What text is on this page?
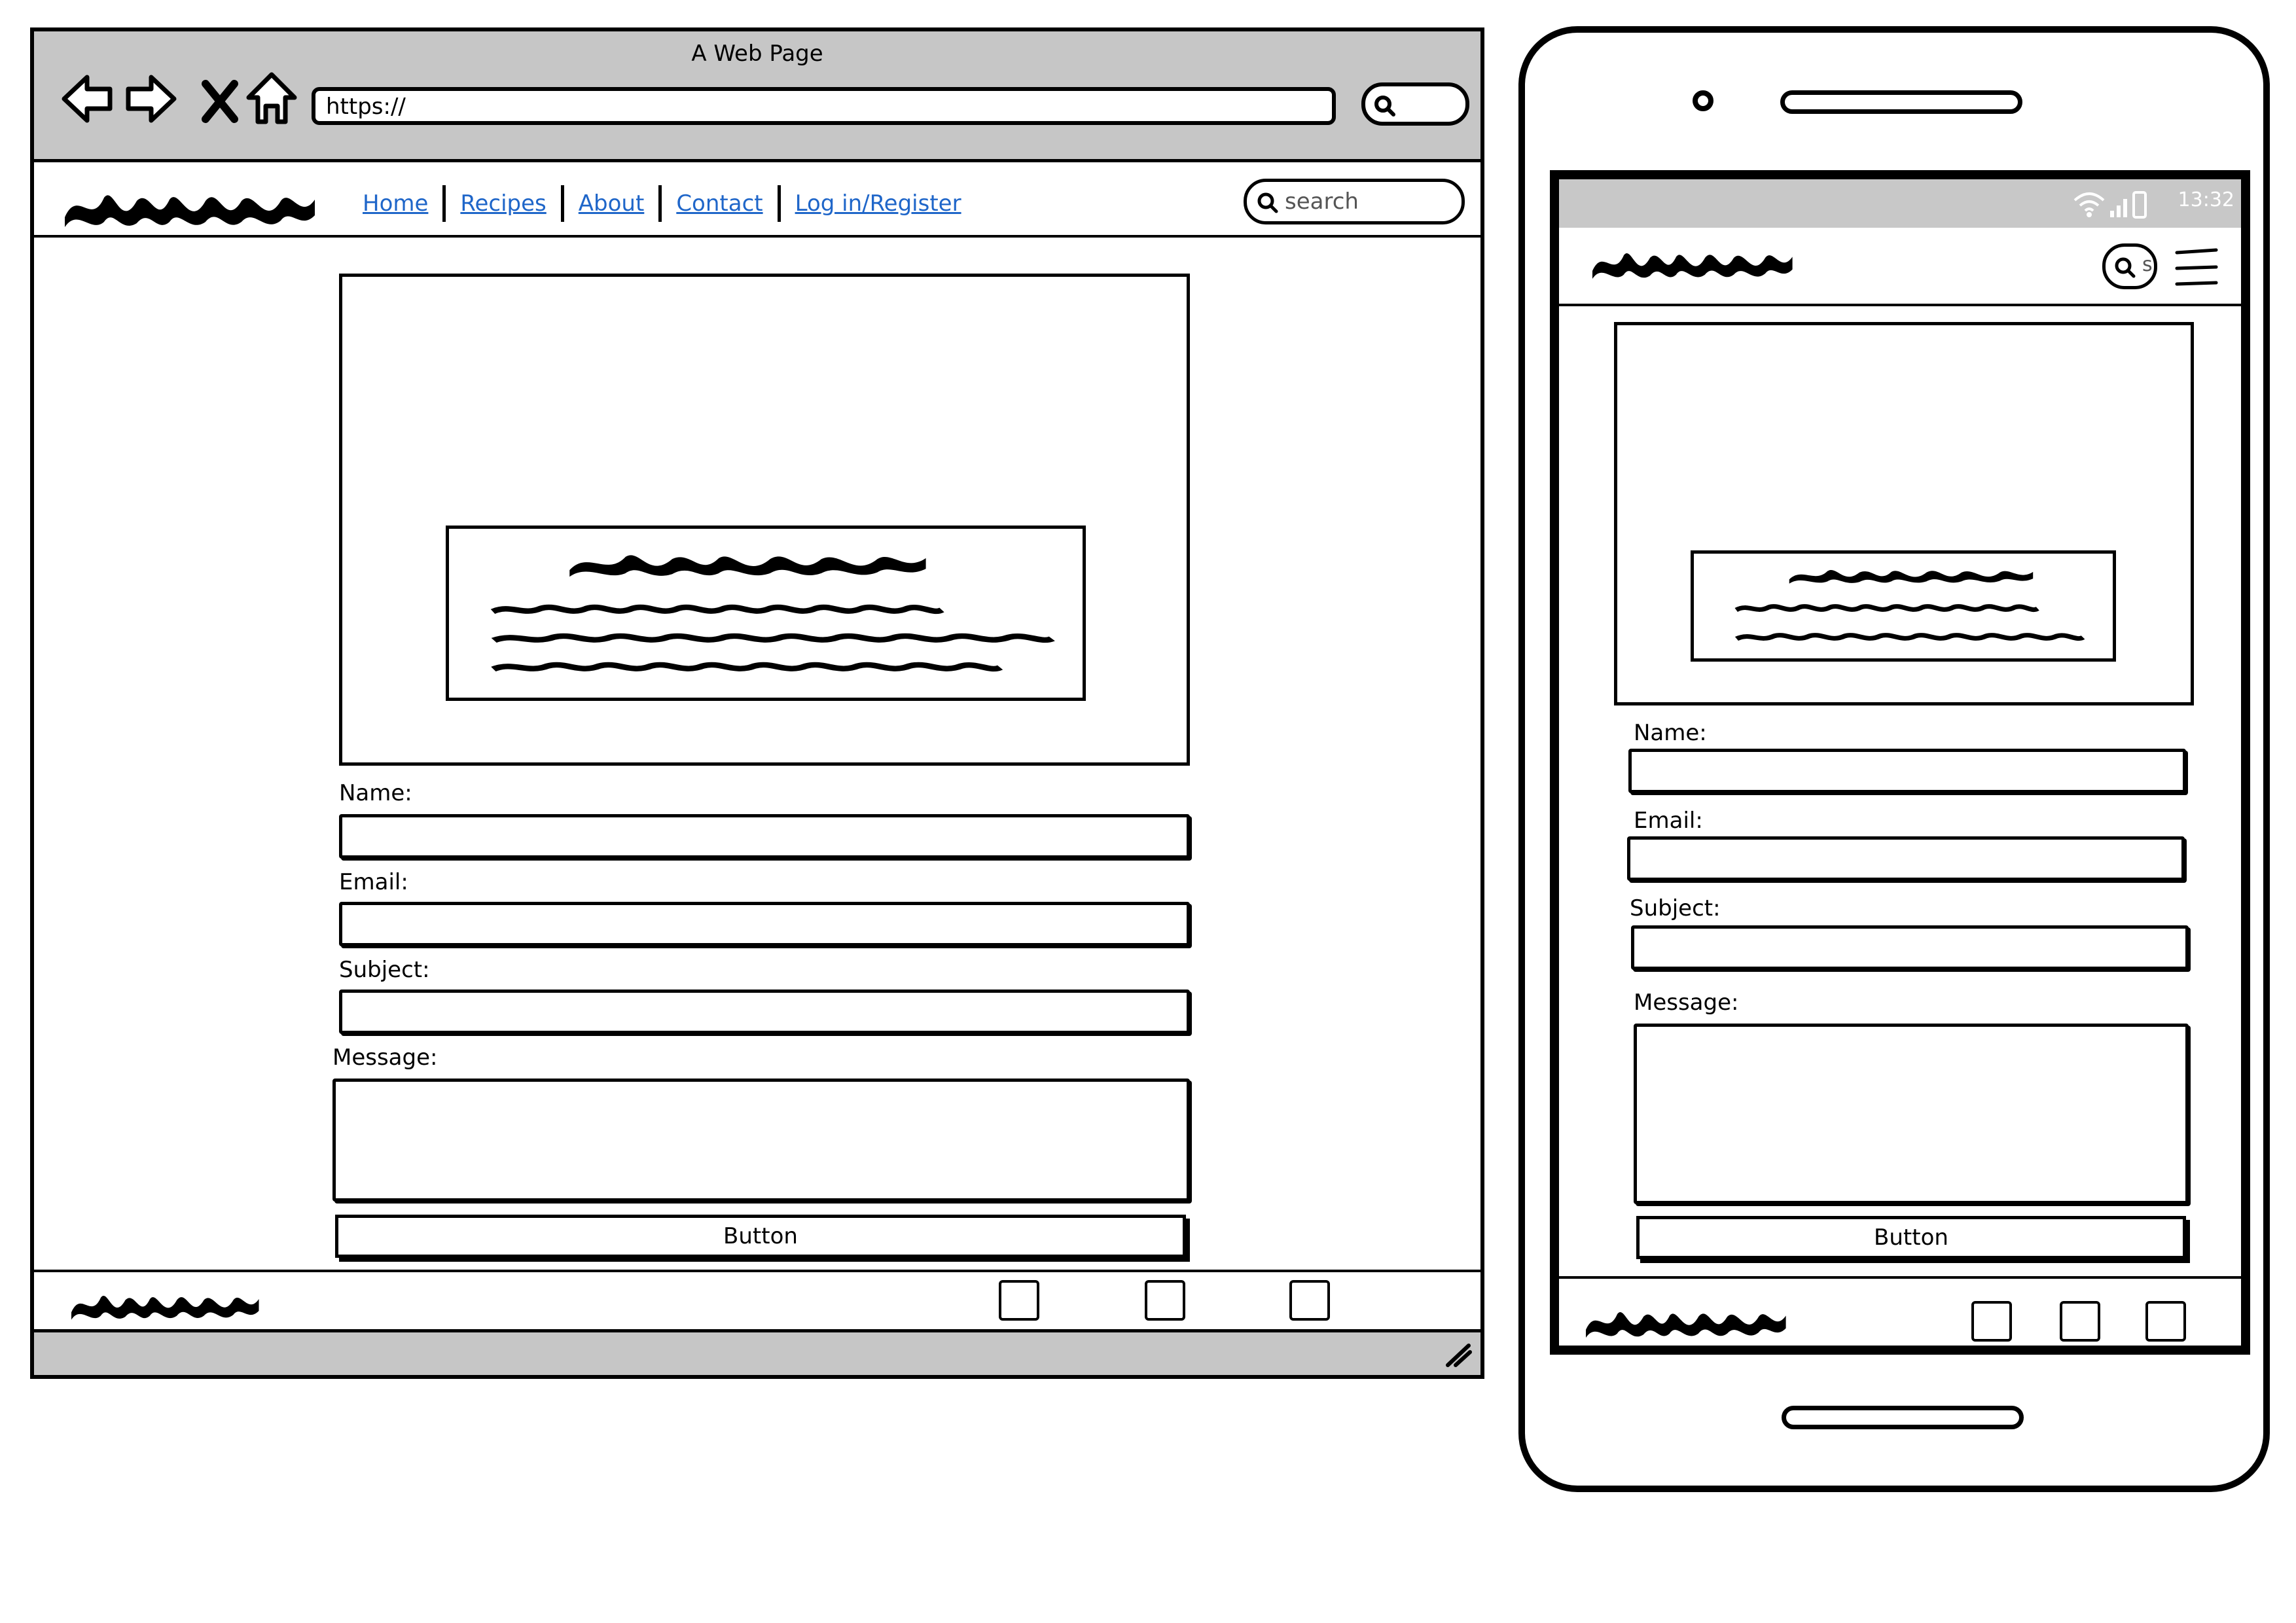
A Web Page
https://
Home	Recipes	About	Contact	Log in/Register	search
Name:
Email:
Subject:
Message:
Button
13:32
s
Name:
Email:
Subject:
Message:
Button
